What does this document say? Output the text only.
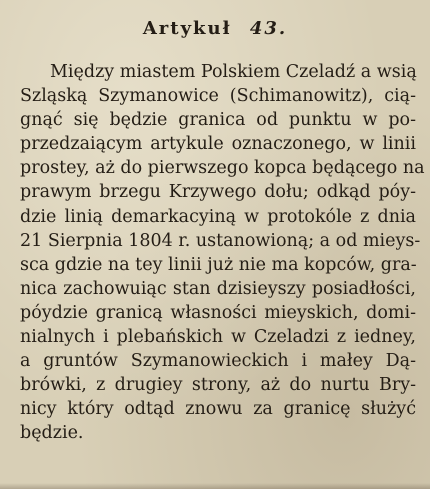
Artykuł 43.
Między miastem Polskiem Czeladź a wsią
Szląską Szymanowice (Schimanowitz), cią-
gnąć się będzie granica od punktu w po-
przedzaiącym artykule oznaczonego, w linii
prostey, aż do pierwszego kopca będącego na
prawym brzegu Krzywego dołu; odkąd póy-
dzie linią demarkacyiną w protokóle z dnia
21 Sierpnia 1804 r. ustanowioną; a od mieys-
sca gdzie na tey linii już nie ma kopców, gra-
nica zachowuiąc stan dzisieyszy posiadłości,
póydzie granicą własności mieyskich, domi-
nialnych i plebańskich w Czeladzi z iedney,
a gruntów Szymanowieckich i małey Dą-
brówki, z drugiey strony, aż do nurtu Bry-
nicy który odtąd znowu za granicę służyć
będzie.
